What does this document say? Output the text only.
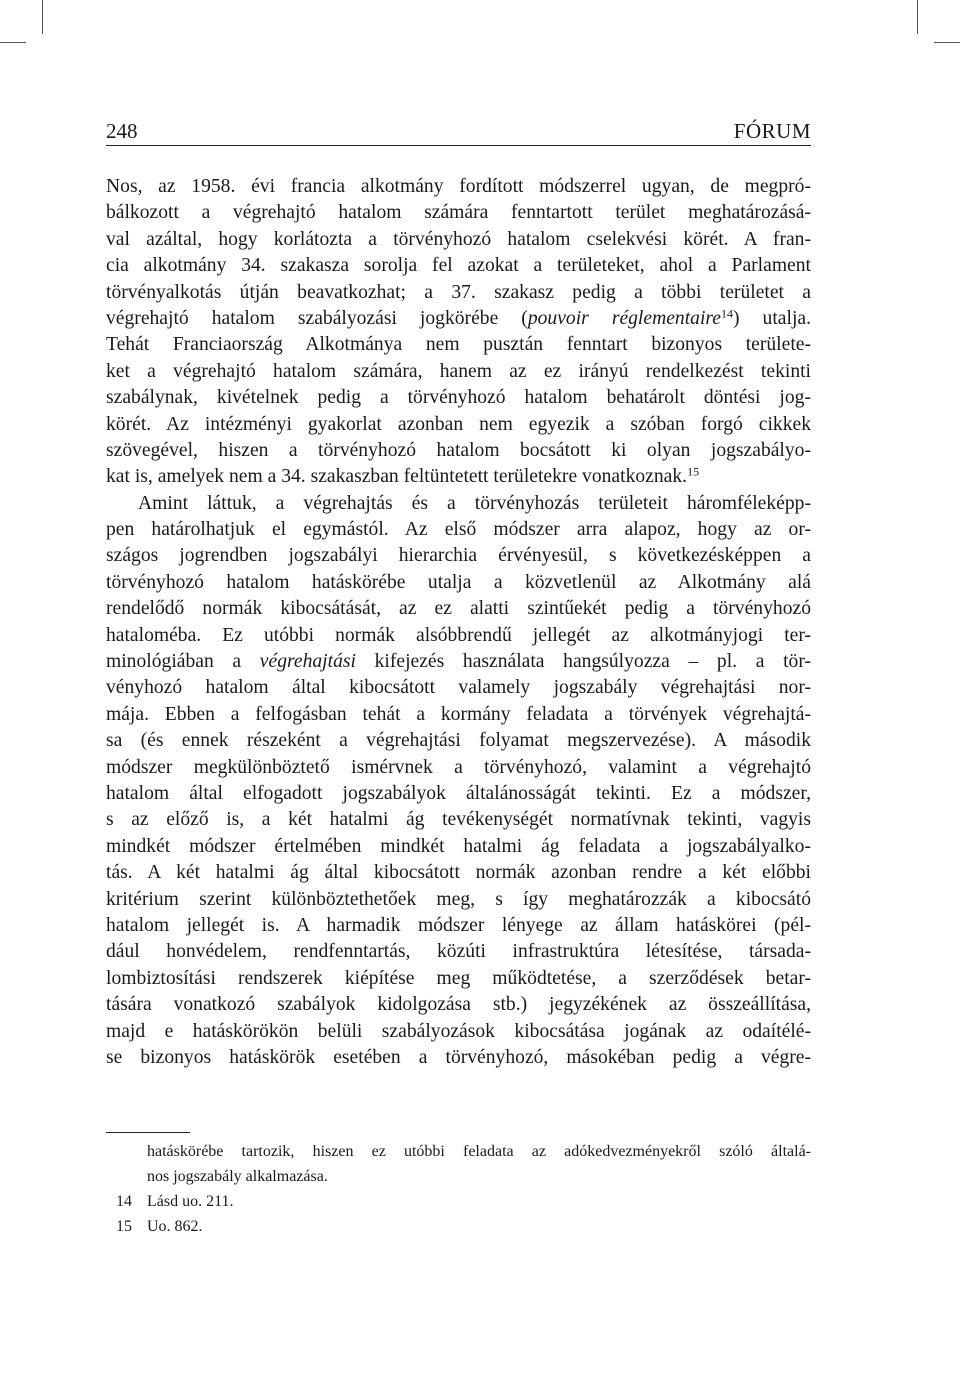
248	FÓRUM
Nos, az 1958. évi francia alkotmány fordított módszerrel ugyan, de megpró-
bálkozott a végrehajtó hatalom számára fenntartott terület meghatározásá-
val azáltal, hogy korlátozta a törvényhozó hatalom cselekvési körét. A fran-
cia alkotmány 34. szakasza sorolja fel azokat a területeket, ahol a Parlament
törvényalkotás útján beavatkozhat; a 37. szakasz pedig a többi területet a
végrehajtó hatalom szabályozási jogkörébe (pouvoir réglementaire$^{14}$) utalja.
Tehát Franciaország Alkotmánya nem pusztán fenntart bizonyos területe-
ket a végrehajtó hatalom számára, hanem az ez irányú rendelkezést tekinti
szabálynak, kivételnek pedig a törvényhozó hatalom behatárolt döntési jog-
körét. Az intézményi gyakorlat azonban nem egyezik a szóban forgó cikkek
szövegével, hiszen a törvényhozó hatalom bocsátott ki olyan jogszabályo-
kat is, amelyek nem a 34. szakaszban feltüntetett területekre vonatkoznak.$^{15}$
Amint láttuk, a végrehajtás és a törvényhozás területeit háromféleképp-
pen határolhatjuk el egymástól. Az első módszer arra alapoz, hogy az or-
szágos jogrendben jogszabályi hierarchia érvényesül, s következésképpen a
törvényhozó hatalom hatáskörébe utalja a közvetlenül az Alkotmány alá
rendelődő normák kibocsátását, az ez alatti szintűekét pedig a törvényhozó
hatalomébа. Ez utóbbi normák alsóbbrendű jellegét az alkotmányjogi ter-
minológiában a végrehajtási kifejezés használata hangsúlyozza – pl. a tör-
vényhozó hatalom által kibocsátott valamely jogszabály végrehajtási nor-
mája. Ebben a felfogásban tehát a kormány feladata a törvények végrehajtá-
sa (és ennek részeként a végrehajtási folyamat megszervezése). A második
módszer megkülönböztető ismérvnek a törvényhozó, valamint a végrehajtó
hatalom által elfogadott jogszabályok általánosságát tekinti. Ez a módszer,
s az előző is, a két hatalmi ág tevékenységét normatívnak tekinti, vagyis
mindkét módszer értelmében mindkét hatalmi ág feladata a jogszabályalko-
tás. A két hatalmi ág által kibocsátott normák azonban rendre a két előbbi
kritérium szerint különböztethetőek meg, s így meghatározzák a kibocsátó
hatalom jellegét is. A harmadik módszer lényege az állam hatáskörei (pél-
dául honvédelem, rendfenntartás, közúti infrastruktúra létesítése, társada-
lombiztosítási rendszerek kiépítése meg működtetése, a szerződések betar-
tására vonatkozó szabályok kidolgozása stb.) jegyzékének az összeállítása,
majd e hatáskörökön belüli szabályozások kibocsátása jogának az odaítélé-
se bizonyos hatáskörök esetében a törvényhozó, másokéban pedig a végre-
hatáskörébe tartozik, hiszen ez utóbbi feladata az adókedvezményekről szóló általá-
nos jogszabály alkalmazása.
14 Lásd uo. 211.
15 Uo. 862.
